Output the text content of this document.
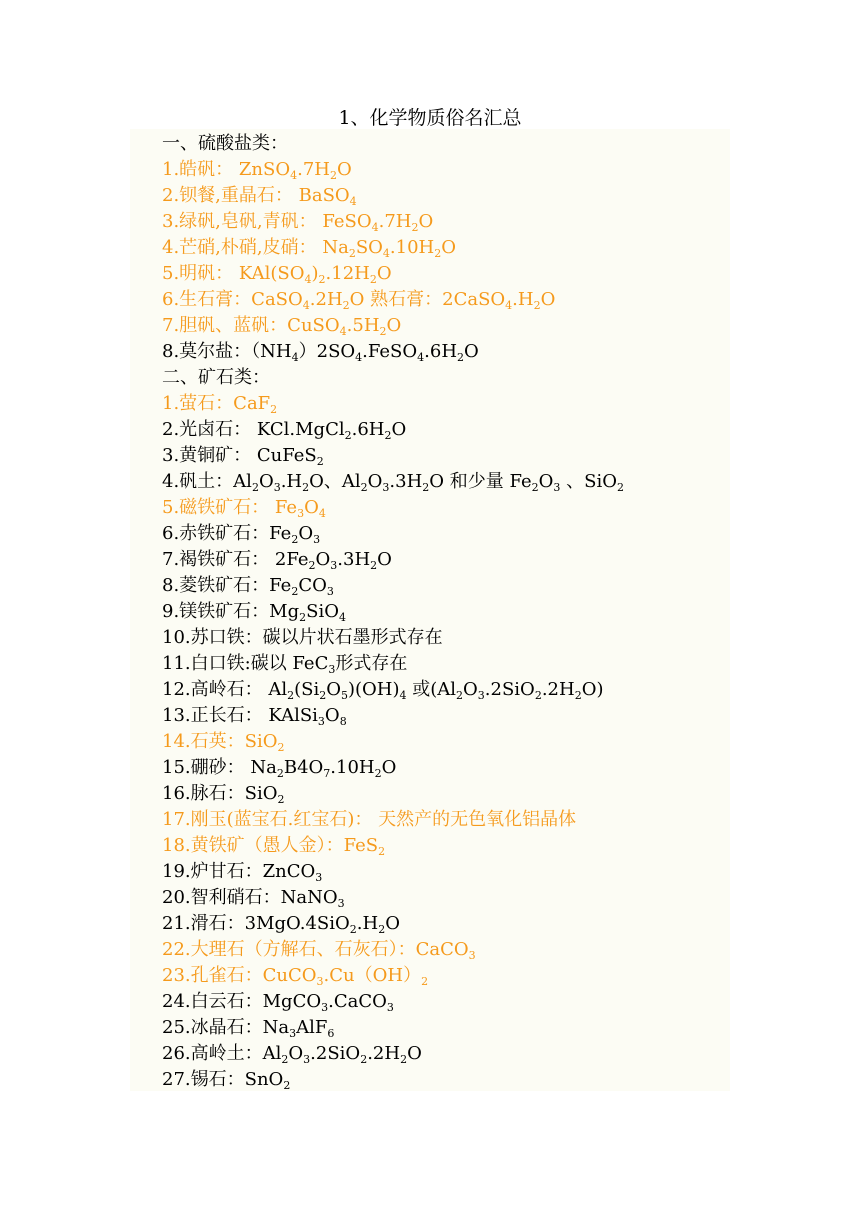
1、化学物质俗名汇总
一、硫酸盐类：
1.皓矾： $ZnSO_4.7H_2O$
2.钡餐,重晶石： BaSO$_4$
3.绿矾,皂矾,青矾： $FeSO_4.7H_2O$
4.芒硝,朴硝,皮硝： $Na_2SO_4.10H_2O$
5.明矾： $KAl(SO_4)_2.12H_2O$
6.生石膏：$CaSO_4.2H_2O$ 熟石膏：$2CaSO_4.H_2O$
7.胆矾、蓝矾：$CuSO_4.5H_2O$
8.莫尔盐：$(NH_4)2SO_4.FeSO_4.6H_2O$
二、矿石类：
1.萤石：CaF$_2$
2.光卤石： $KCl.MgCl_2.6H_2O$
3.黄铜矿： CuFeS$_2$
4.矾土：$Al_2O_3.H_2O$、$Al_2O_3.3H_2O$ 和少量 $Fe_2O_3$ 、SiO$_2$
5.磁铁矿石： $Fe_3O_4$
6.赤铁矿石：$Fe_2O_3$
7.褐铁矿石： $2Fe_2O_3.3H_2O$
8.菱铁矿石：$Fe_2CO_3$
9.镁铁矿石：$Mg_2SiO_4$
10.苏口铁：碳以片状石墨形式存在
11.白口铁:碳以 FeC$_3$形式存在
12.高岭石： $Al_2(Si_2O_5)(OH)_4$ 或$(Al_2O_3.2SiO_2.2H_2O)$
13.正长石： $KAlSi_3O_8$
14.石英：SiO$_2$
15.硼砂： $Na_2B4O_7.10H_2O$
16.脉石：SiO$_2$
17.刚玉(蓝宝石.红宝石)： 天然产的无色氧化铝晶体
18.黄铁矿（愚人金）：FeS$_2$
19.炉甘石：ZnCO$_3$
20.智利硝石：NaNO$_3$
21.滑石：$3MgO.4SiO_2.H_2O$
22.大理石（方解石、石灰石）：CaCO$_3$
23.孔雀石：$CuCO_3.Cu(OH)_2$
24.白云石：MgCO$_3$.CaCO$_3$
25.冰晶石：$Na_3AlF_6$
26.高岭土：$Al_2O_3.2SiO_2.2H_2O$
27.锡石：SnO$_2$
